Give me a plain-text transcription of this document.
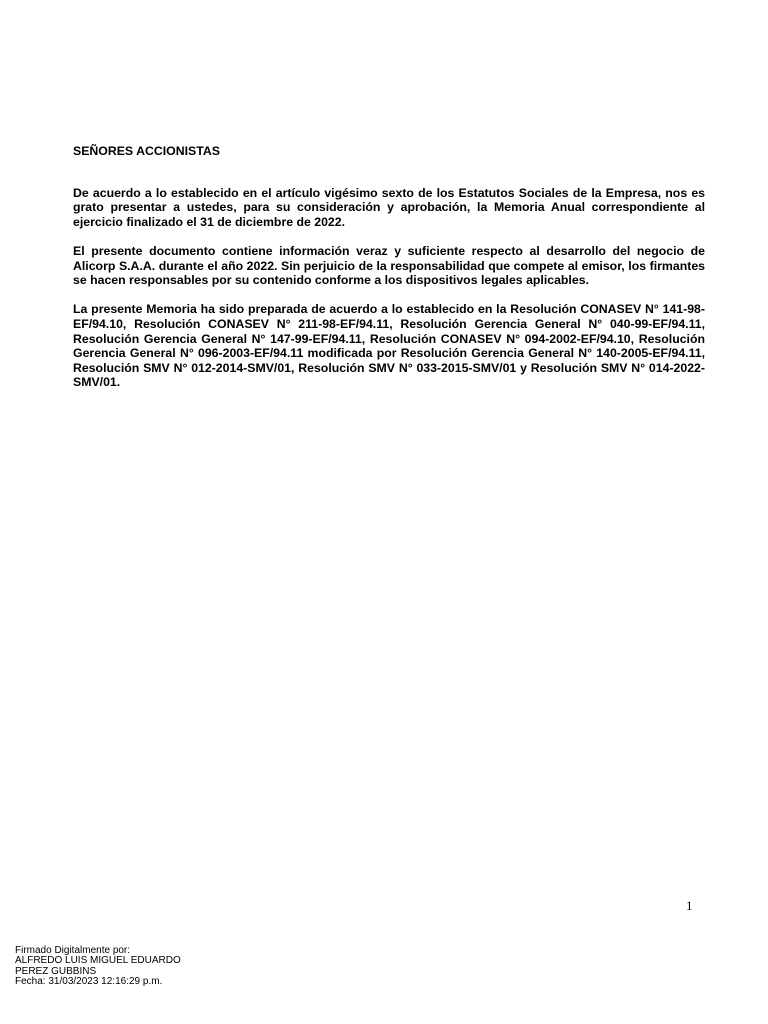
SEÑORES ACCIONISTAS

De acuerdo a lo establecido en el artículo vigésimo sexto de los Estatutos Sociales de la Empresa, nos es grato presentar a ustedes, para su consideración y aprobación, la Memoria Anual correspondiente al ejercicio finalizado el 31 de diciembre de 2022.

El presente documento contiene información veraz y suficiente respecto al desarrollo del negocio de Alicorp S.A.A. durante el año 2022. Sin perjuicio de la responsabilidad que compete al emisor, los firmantes se hacen responsables por su contenido conforme a los dispositivos legales aplicables.

La presente Memoria ha sido preparada de acuerdo a lo establecido en la Resolución CONASEV N° 141-98-EF/94.10, Resolución CONASEV N° 211-98-EF/94.11, Resolución Gerencia General N° 040-99-EF/94.11, Resolución Gerencia General N° 147-99-EF/94.11, Resolución CONASEV N° 094-2002-EF/94.10, Resolución Gerencia General N° 096-2003-EF/94.11 modificada por Resolución Gerencia General N° 140-2005-EF/94.11, Resolución SMV N° 012-2014-SMV/01, Resolución SMV N° 033-2015-SMV/01 y Resolución SMV N° 014-2022-SMV/01.

1
Firmado Digitalmente por:
ALFREDO LUIS MIGUEL EDUARDO
PEREZ GUBBINS
Fecha: 31/03/2023 12:16:29 p.m.
